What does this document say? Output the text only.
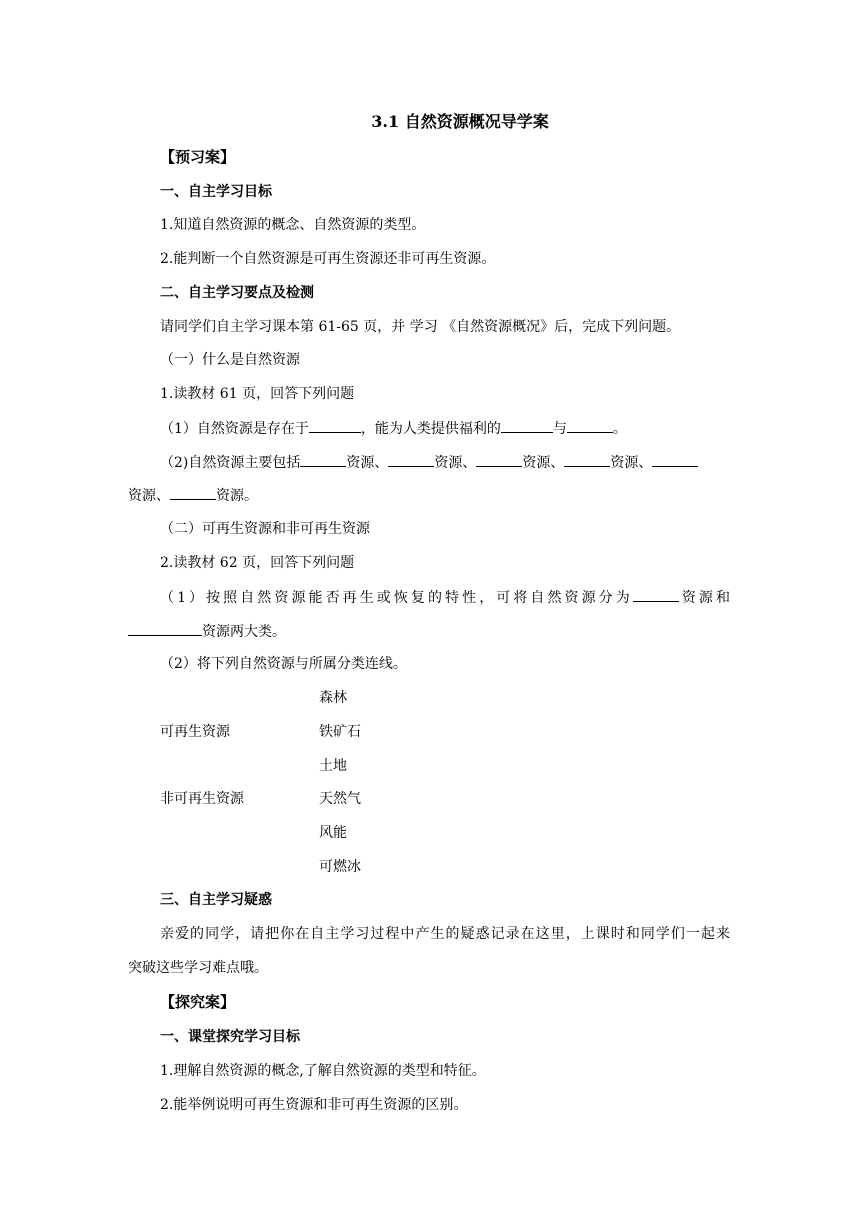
3.1 自然资源概况导学案
【预习案】
一、自主学习目标
1.知道自然资源的概念、自然资源的类型。
2.能判断一个自然资源是可再生资源还非可再生资源。
二、自主学习要点及检测
请同学们自主学习课本第 61-65 页，并 学习 《自然资源概况》后，完成下列问题。
（一）什么是自然资源
1.读教材 61 页，回答下列问题
（1）自然资源是存在于	，能为人类提供福利的	与	。
（2)自然资源主要包括	资源、	资源、	资源、	资源、
资源、	资源。
（二）可再生资源和非可再生资源
2.读教材 62 页，回答下列问题
（1）按照自然资源能否再生或恢复的特性，可将自然资源分为	资源和
资源两大类。
（2）将下列自然资源与所属分类连线。
可再生资源
非可再生资源
森林
铁矿石
土地
天然气
风能
可燃冰
三、自主学习疑惑
亲爱的同学，请把你在自主学习过程中产生的疑惑记录在这里，上课时和同学们一起来
突破这些学习难点哦。
【探究案】
一、课堂探究学习目标
1.理解自然资源的概念,了解自然资源的类型和特征。
2.能举例说明可再生资源和非可再生资源的区别。
